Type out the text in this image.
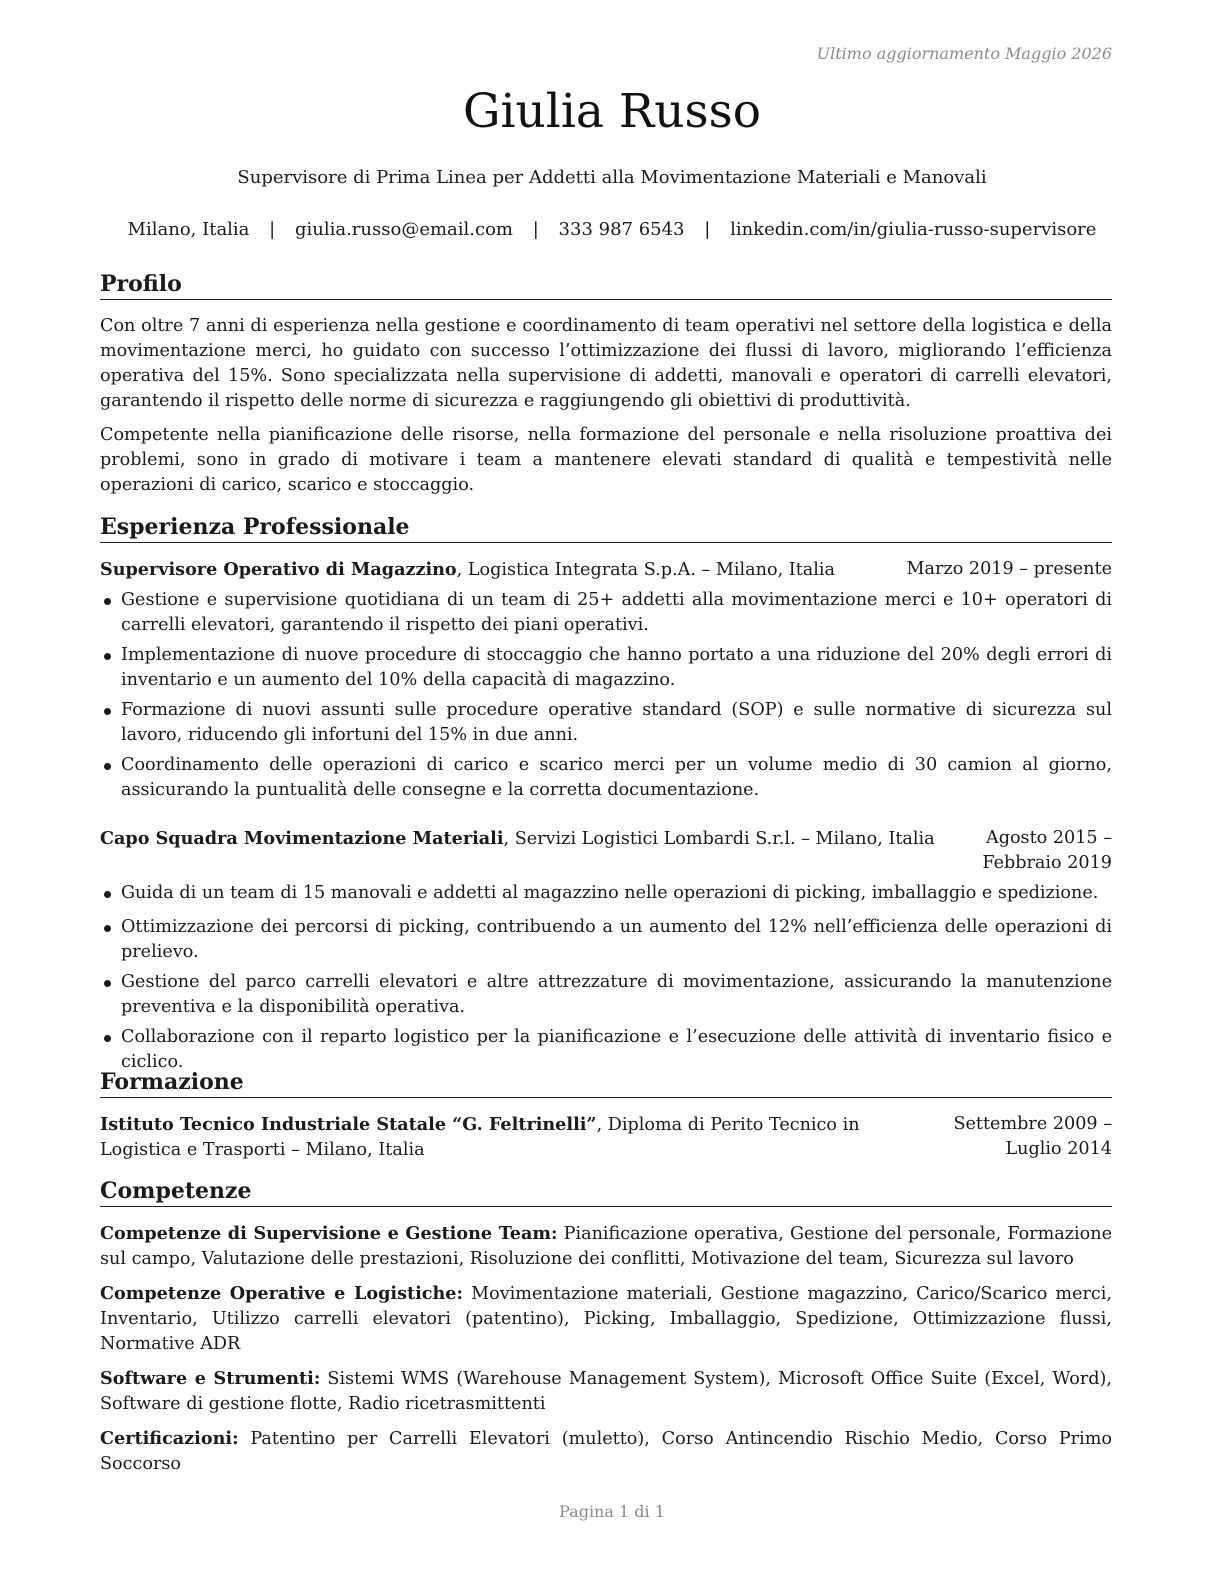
Ultimo aggiornamento Maggio 2026
Giulia Russo
Supervisore di Prima Linea per Addetti alla Movimentazione Materiali e Manovali
Milano, Italia | giulia.russo@email.com | 333 987 6543 | linkedin.com/in/giulia-russo-supervisore
Profilo

Con oltre 7 anni di esperienza nella gestione e coordinamento di team operativi nel settore della logistica e della movimentazione merci, ho guidato con successo l’ottimizzazione dei flussi di lavoro, migliorando l’efficienza operativa del 15%. Sono specializzata nella supervisione di addetti, manovali e operatori di carrelli elevatori, garantendo il rispetto delle norme di sicurezza e raggiungendo gli obiettivi di produttività.

Competente nella pianificazione delle risorse, nella formazione del personale e nella risoluzione proattiva dei problemi, sono in grado di motivare i team a mantenere elevati standard di qualità e tempestività nelle operazioni di carico, scarico e stoccaggio.

Esperienza Professionale
Supervisore Operativo di Magazzino, Logistica Integrata S.p.A. – Milano, Italia	Marzo 2019 – presente
Gestione e supervisione quotidiana di un team di 25+ addetti alla movimentazione merci e 10+ operatori di carrelli elevatori, garantendo il rispetto dei piani operativi.
Implementazione di nuove procedure di stoccaggio che hanno portato a una riduzione del 20% degli errori di inventario e un aumento del 10% della capacità di magazzino.
Formazione di nuovi assunti sulle procedure operative standard (SOP) e sulle normative di sicurezza sul lavoro, riducendo gli infortuni del 15% in due anni.
Coordinamento delle operazioni di carico e scarico merci per un volume medio di 30 camion al giorno, assicurando la puntualità delle consegne e la corretta documentazione.
Capo Squadra Movimentazione Materiali, Servizi Logistici Lombardi S.r.l. – Milano, Italia	Agosto 2015 – Febbraio 2019
Guida di un team di 15 manovali e addetti al magazzino nelle operazioni di picking, imballaggio e spedizione.
Ottimizzazione dei percorsi di picking, contribuendo a un aumento del 12% nell’efficienza delle operazioni di prelievo.
Gestione del parco carrelli elevatori e altre attrezzature di movimentazione, assicurando la manutenzione preventiva e la disponibilità operativa.
Collaborazione con il reparto logistico per la pianificazione e l’esecuzione delle attività di inventario fisico e ciclico.
Formazione
Istituto Tecnico Industriale Statale “G. Feltrinelli”, Diploma di Perito Tecnico in Logistica e Trasporti – Milano, Italia
Settembre 2009 – Luglio 2014
Competenze
Competenze di Supervisione e Gestione Team: Pianificazione operativa, Gestione del personale, Formazione sul campo, Valutazione delle prestazioni, Risoluzione dei conflitti, Motivazione del team, Sicurezza sul lavoro
Competenze Operative e Logistiche: Movimentazione materiali, Gestione magazzino, Carico/Scarico merci, Inventario, Utilizzo carrelli elevatori (patentino), Picking, Imballaggio, Spedizione, Ottimizzazione flussi, Normative ADR
Software e Strumenti: Sistemi WMS (Warehouse Management System), Microsoft Office Suite (Excel, Word), Software di gestione flotte, Radio ricetrasmittenti
Certificazioni: Patentino per Carrelli Elevatori (muletto), Corso Antincendio Rischio Medio, Corso Primo Soccorso
Pagina 1 di 1
